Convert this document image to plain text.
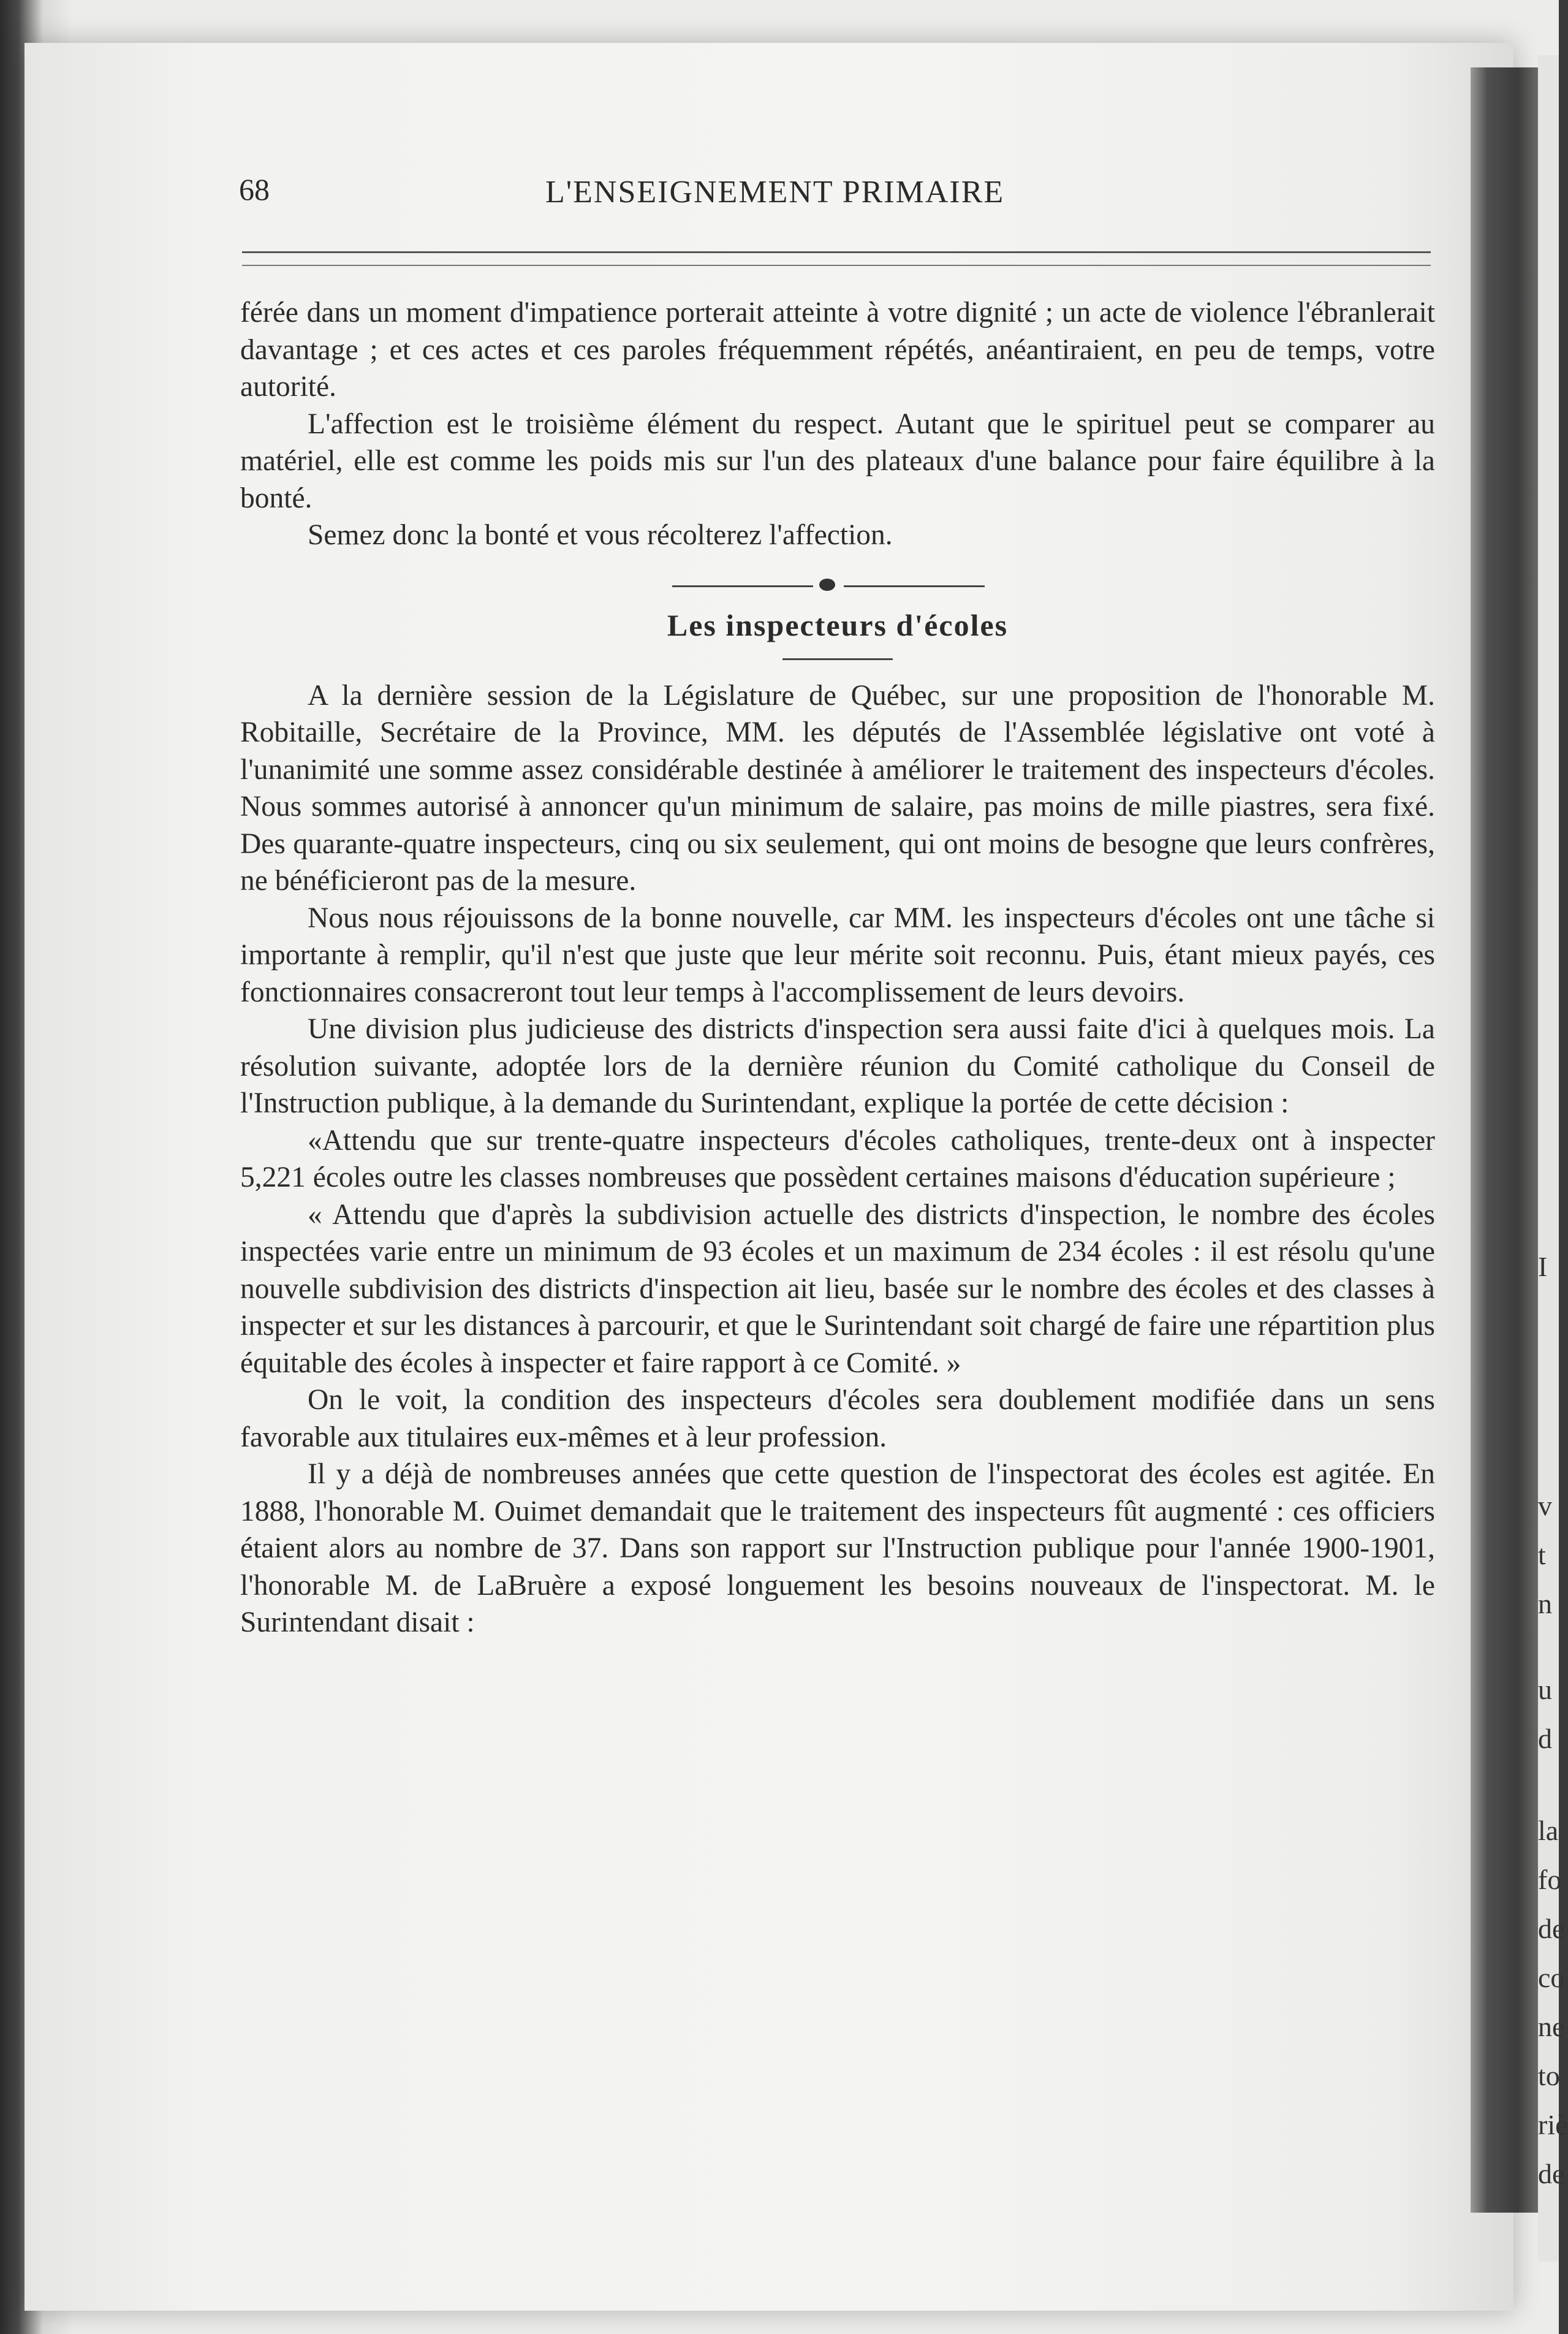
I
v
t
n
u
d
la
fo
de
co
ne
to
riè
de
68	L'ENSEIGNEMENT PRIMAIRE

férée dans un moment d'impatience porterait atteinte à votre dignité ; un acte de violence l'ébranlerait davantage ; et ces actes et ces paroles fréquemment répétés, anéantiraient, en peu de temps, votre autorité.

L'affection est le troisième élément du respect. Autant que le spirituel peut se comparer au matériel, elle est comme les poids mis sur l'un des plateaux d'une balance pour faire équilibre à la bonté.

Semez donc la bonté et vous récolterez l'affection.

Les inspecteurs d'écoles

A la dernière session de la Législature de Québec, sur une proposition de l'honorable M. Robitaille, Secrétaire de la Province, MM. les députés de l'Assemblée législative ont voté à l'unanimité une somme assez considérable destinée à améliorer le traitement des inspecteurs d'écoles. Nous sommes autorisé à annoncer qu'un minimum de salaire, pas moins de mille piastres, sera fixé. Des quarante-quatre inspecteurs, cinq ou six seulement, qui ont moins de besogne que leurs confrères, ne bénéficieront pas de la mesure.

Nous nous réjouissons de la bonne nouvelle, car MM. les inspecteurs d'écoles ont une tâche si importante à remplir, qu'il n'est que juste que leur mérite soit reconnu. Puis, étant mieux payés, ces fonctionnaires consacreront tout leur temps à l'accomplissement de leurs devoirs.

Une division plus judicieuse des districts d'inspection sera aussi faite d'ici à quelques mois. La résolution suivante, adoptée lors de la dernière réunion du Comité catholique du Conseil de l'Instruction publique, à la demande du Surintendant, explique la portée de cette décision :

«Attendu que sur trente-quatre inspecteurs d'écoles catholiques, trente-deux ont à inspecter 5,221 écoles outre les classes nombreuses que possèdent certaines maisons d'éducation supérieure ;

« Attendu que d'après la subdivision actuelle des districts d'inspection, le nombre des écoles inspectées varie entre un minimum de 93 écoles et un maximum de 234 écoles : il est résolu qu'une nouvelle subdivision des districts d'inspection ait lieu, basée sur le nombre des écoles et des classes à inspecter et sur les distances à parcourir, et que le Surintendant soit chargé de faire une répartition plus équitable des écoles à inspecter et faire rapport à ce Comité. »

On le voit, la condition des inspecteurs d'écoles sera doublement modifiée dans un sens favorable aux titulaires eux-mêmes et à leur profession.

Il y a déjà de nombreuses années que cette question de l'inspectorat des écoles est agitée. En 1888, l'honorable M. Ouimet demandait que le traitement des inspecteurs fût augmenté : ces officiers étaient alors au nombre de 37. Dans son rapport sur l'Instruction publique pour l'année 1900-1901, l'honorable M. de LaBruère a exposé longuement les besoins nouveaux de l'inspectorat. M. le Surintendant disait :
